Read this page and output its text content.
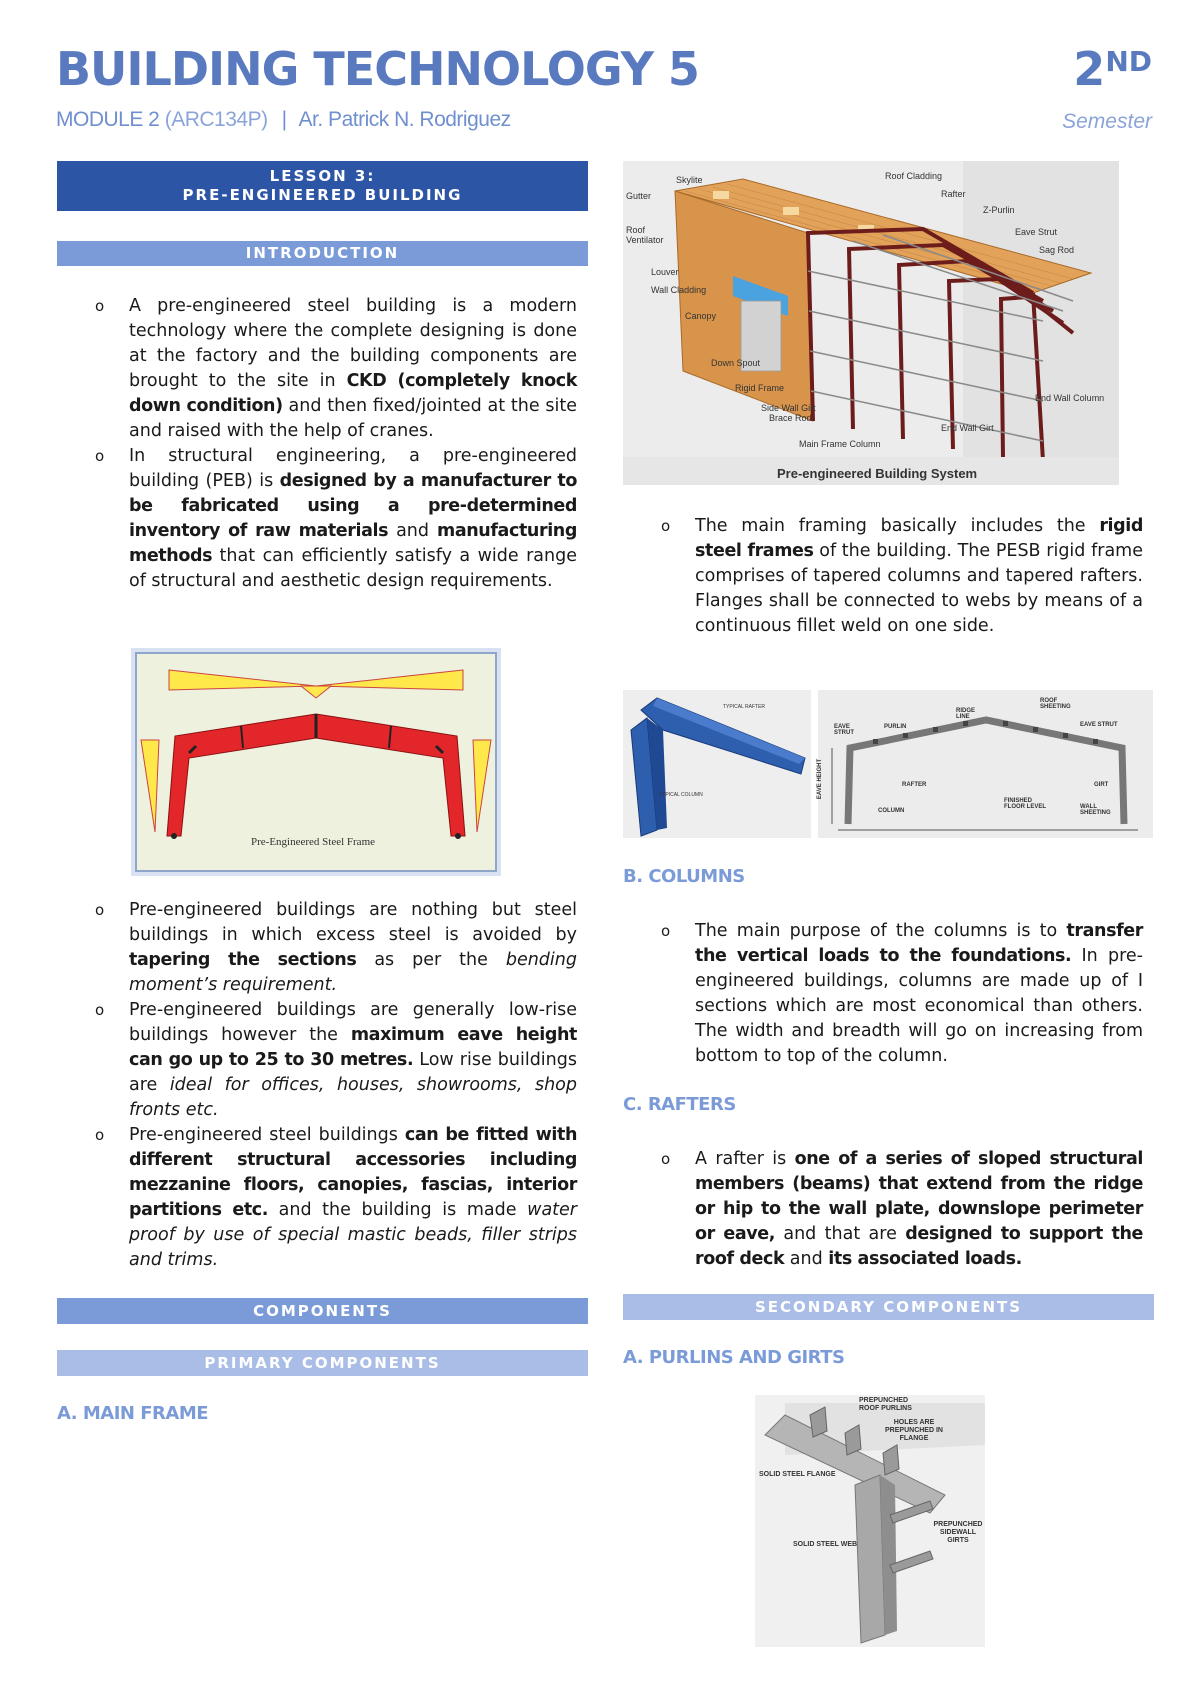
BUILDING TECHNOLOGY 5	2ND
MODULE 2 (ARC134P) | Ar. Patrick N. Rodriguez	Semester
LESSON 3:
PRE-ENGINEERED BUILDING
INTRODUCTION
o A pre-engineered steel building is a modern technology where the complete designing is done at the factory and the building components are brought to the site in CKD (completely knock down condition) and then fixed/jointed at the site and raised with the help of cranes.
o In structural engineering, a pre-engineered building (PEB) is designed by a manufacturer to be fabricated using a pre-determined inventory of raw materials and manufacturing methods that can efficiently satisfy a wide range of structural and aesthetic design requirements.
Pre-Engineered Steel Frame
o Pre-engineered buildings are nothing but steel buildings in which excess steel is avoided by tapering the sections as per the bending moment’s requirement.
o Pre-engineered buildings are generally low-rise buildings however the maximum eave height can go up to 25 to 30 metres. Low rise buildings are ideal for offices, houses, showrooms, shop fronts etc.
o Pre-engineered steel buildings can be fitted with different structural accessories including mezzanine floors, canopies, fascias, interior partitions etc. and the building is made water proof by use of special mastic beads, filler strips and trims.
COMPONENTS
PRIMARY COMPONENTS
A. MAIN FRAME
Skylite
Gutter
Roof Ventilator
Louver
Wall Cladding
Canopy
Down Spout
Rigid Frame
Side Wall Girt
Brace Rod
Main Frame Column
Roof Cladding
Rafter
Z-Purlin
Eave Strut
Sag Rod
End Wall Column
End Wall Girt
Pre-engineered Building System
o The main framing basically includes the rigid steel frames of the building. The PESB rigid frame comprises of tapered columns and tapered rafters. Flanges shall be connected to webs by means of a continuous fillet weld on one side.
TYPICAL RAFTER
TYPICAL COLUMN
EAVE STRUT
PURLIN
RIDGE LINE
ROOF SHEETING
EAVE STRUT
RAFTER	GIRT
COLUMN
FINISHED FLOOR LEVEL	WALL SHEETING
EAVE HEIGHT
B. COLUMNS
o The main purpose of the columns is to transfer the vertical loads to the foundations. In pre-engineered buildings, columns are made up of I sections which are most economical than others. The width and breadth will go on increasing from bottom to top of the column.
C. RAFTERS
o A rafter is one of a series of sloped structural members (beams) that extend from the ridge or hip to the wall plate, downslope perimeter or eave, and that are designed to support the roof deck and its associated loads.
SECONDARY COMPONENTS
A. PURLINS AND GIRTS
PREPUNCHED ROOF PURLINS
HOLES ARE PREPUNCHED IN FLANGE
SOLID STEEL FLANGE
PREPUNCHED SIDEWALL GIRTS
SOLID STEEL WEB
